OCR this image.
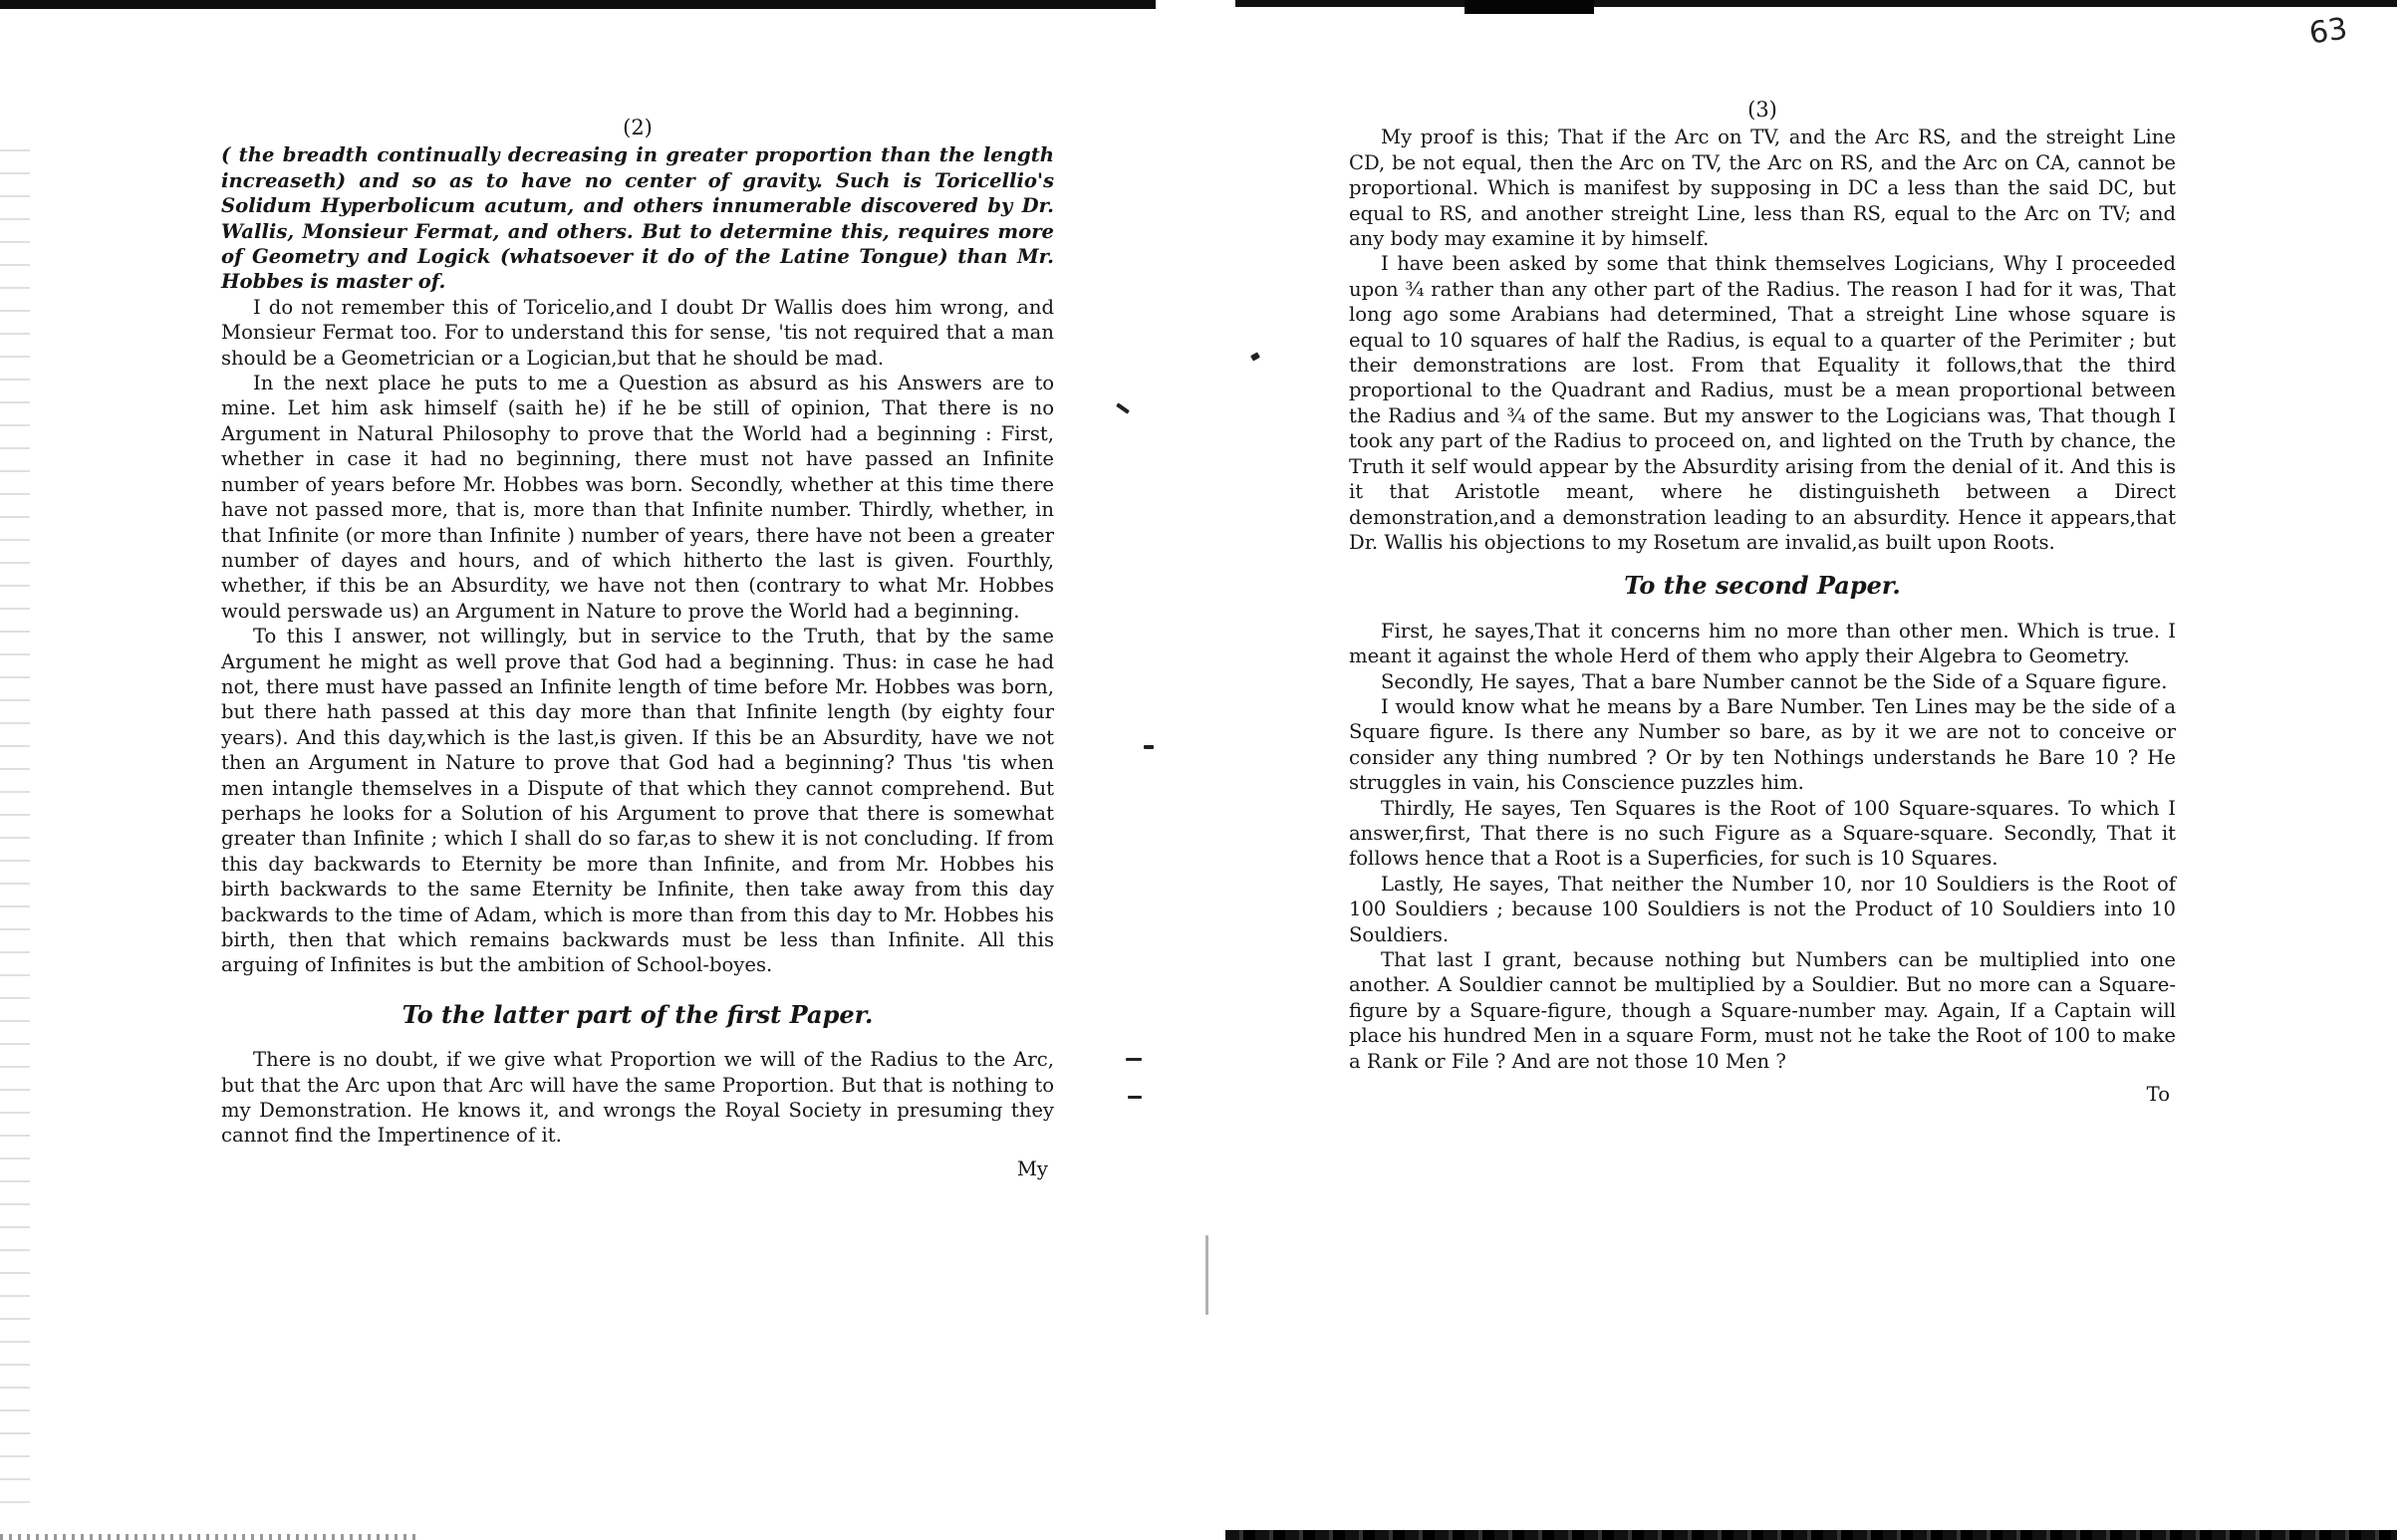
63
(2)

( the breadth continually decreasing in greater proportion than the length increaseth) and so as to have no center of gravity. Such is Toricellio's Solidum Hyperbolicum acutum, and others innumerable discovered by Dr. Wallis, Monsieur Fermat, and others. But to determine this, requires more of Geometry and Logick (whatsoever it do of the Latine Tongue) than Mr. Hobbes is master of.

I do not remember this of Toricelio,and I doubt Dr Wallis does him wrong, and Monsieur Fermat too. For to understand this for sense, 'tis not required that a man should be a Geometrician or a Logician,but that he should be mad.

In the next place he puts to me a Question as absurd as his Answers are to mine. Let him ask himself (saith he) if he be still of opinion, That there is no Argument in Natural Philosophy to prove that the World had a beginning : First, whether in case it had no beginning, there must not have passed an Infinite number of years before Mr. Hobbes was born. Secondly, whether at this time there have not passed more, that is, more than that Infinite number. Thirdly, whether, in that Infinite (or more than Infinite ) number of years, there have not been a greater number of dayes and hours, and of which hitherto the last is given. Fourthly, whether, if this be an Absurdity, we have not then (contrary to what Mr. Hobbes would perswade us) an Argument in Nature to prove the World had a beginning.

To this I answer, not willingly, but in service to the Truth, that by the same Argument he might as well prove that God had a beginning. Thus: in case he had not, there must have passed an Infinite length of time before Mr. Hobbes was born, but there hath passed at this day more than that Infinite length (by eighty four years). And this day,which is the last,is given. If this be an Absurdity, have we not then an Argument in Nature to prove that God had a beginning? Thus 'tis when men intangle themselves in a Dispute of that which they cannot comprehend. But perhaps he looks for a Solution of his Argument to prove that there is somewhat greater than Infinite ; which I shall do so far,as to shew it is not concluding. If from this day backwards to Eternity be more than Infinite, and from Mr. Hobbes his birth backwards to the same Eternity be Infinite, then take away from this day backwards to the time of Adam, which is more than from this day to Mr. Hobbes his birth, then that which remains backwards must be less than Infinite. All this arguing of Infinites is but the ambition of School-boyes.

To the latter part of the first Paper.

There is no doubt, if we give what Proportion we will of the Radius to the Arc, but that the Arc upon that Arc will have the same Proportion. But that is nothing to my Demonstration. He knows it, and wrongs the Royal Society in presuming they cannot find the Impertinence of it.

My
(3)

My proof is this; That if the Arc on TV, and the Arc RS, and the streight Line CD, be not equal, then the Arc on TV, the Arc on RS, and the Arc on CA, cannot be proportional. Which is manifest by supposing in DC a less than the said DC, but equal to RS, and another streight Line, less than RS, equal to the Arc on TV; and any body may examine it by himself.

I have been asked by some that think themselves Logicians, Why I proceeded upon ¾ rather than any other part of the Radius. The reason I had for it was, That long ago some Arabians had determined, That a streight Line whose square is equal to 10 squares of half the Radius, is equal to a quarter of the Perimiter ; but their demonstrations are lost. From that Equality it follows,that the third proportional to the Quadrant and Radius, must be a mean proportional between the Radius and ¾ of the same. But my answer to the Logicians was, That though I took any part of the Radius to proceed on, and lighted on the Truth by chance, the Truth it self would appear by the Absurdity arising from the denial of it. And this is it that Aristotle meant, where he distinguisheth between a Direct demonstration,and a demonstration leading to an absurdity. Hence it appears,that Dr. Wallis his objections to my Rosetum are invalid,as built upon Roots.

To the second Paper.

First, he sayes,That it concerns him no more than other men. Which is true. I meant it against the whole Herd of them who apply their Algebra to Geometry.

Secondly, He sayes, That a bare Number cannot be the Side of a Square figure.

I would know what he means by a Bare Number. Ten Lines may be the side of a Square figure. Is there any Number so bare, as by it we are not to conceive or consider any thing numbred ? Or by ten Nothings understands he Bare 10 ? He struggles in vain, his Conscience puzzles him.

Thirdly, He sayes, Ten Squares is the Root of 100 Square-squares. To which I answer,first, That there is no such Figure as a Square-square. Secondly, That it follows hence that a Root is a Superficies, for such is 10 Squares.

Lastly, He sayes, That neither the Number 10, nor 10 Souldiers is the Root of 100 Souldiers ; because 100 Souldiers is not the Product of 10 Souldiers into 10 Souldiers.

That last I grant, because nothing but Numbers can be multiplied into one another. A Souldier cannot be multiplied by a Souldier. But no more can a Square-figure by a Square-figure, though a Square-number may. Again, If a Captain will place his hundred Men in a square Form, must not he take the Root of 100 to make a Rank or File ? And are not those 10 Men ?

To
